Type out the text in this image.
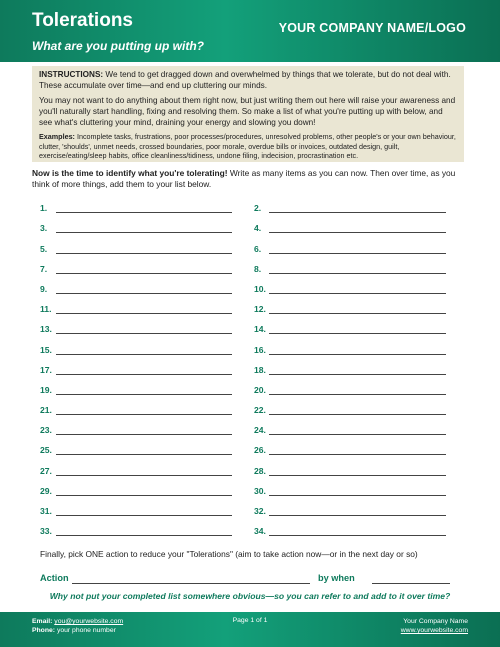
Tolerations
What are you putting up with?
YOUR COMPANY NAME/LOGO

INSTRUCTIONS: We tend to get dragged down and overwhelmed by things that we tolerate, but do not deal with. These accumulate over time—and end up cluttering our minds.

You may not want to do anything about them right now, but just writing them out here will raise your awareness and you'll naturally start handling, fixing and resolving them. So make a list of what you're putting up with below, and see what's cluttering your mind, draining your energy and slowing you down!

Examples: Incomplete tasks, frustrations, poor processes/procedures, unresolved problems, other people's or your own behaviour, clutter, 'shoulds', unmet needs, crossed boundaries, poor morale, overdue bills or invoices, outdated design, guilt, exercise/eating/sleep habits, office cleanliness/tidiness, undone filing, indecision, procrastination etc.

Now is the time to identify what you're tolerating! Write as many items as you can now. Then over time, as you think of more things, add them to your list below.
1.
3.
5.
7.
9.
11.
13.
15.
17.
19.
21.
23.
25.
27.
29.
31.
33.
2.
4.
6.
8.
10.
12.
14.
16.
18.
20.
22.
24.
26.
28.
30.
32.
34.
Finally, pick ONE action to reduce your "Tolerations" (aim to take action now—or in the next day or so)
Action	by when
Why not put your completed list somewhere obvious—so you can refer to and add to it over time?
Email: you@yourwebsite.com
Phone: your phone number
Page 1 of 1	Your Company Name
www.yourwebsite.com
